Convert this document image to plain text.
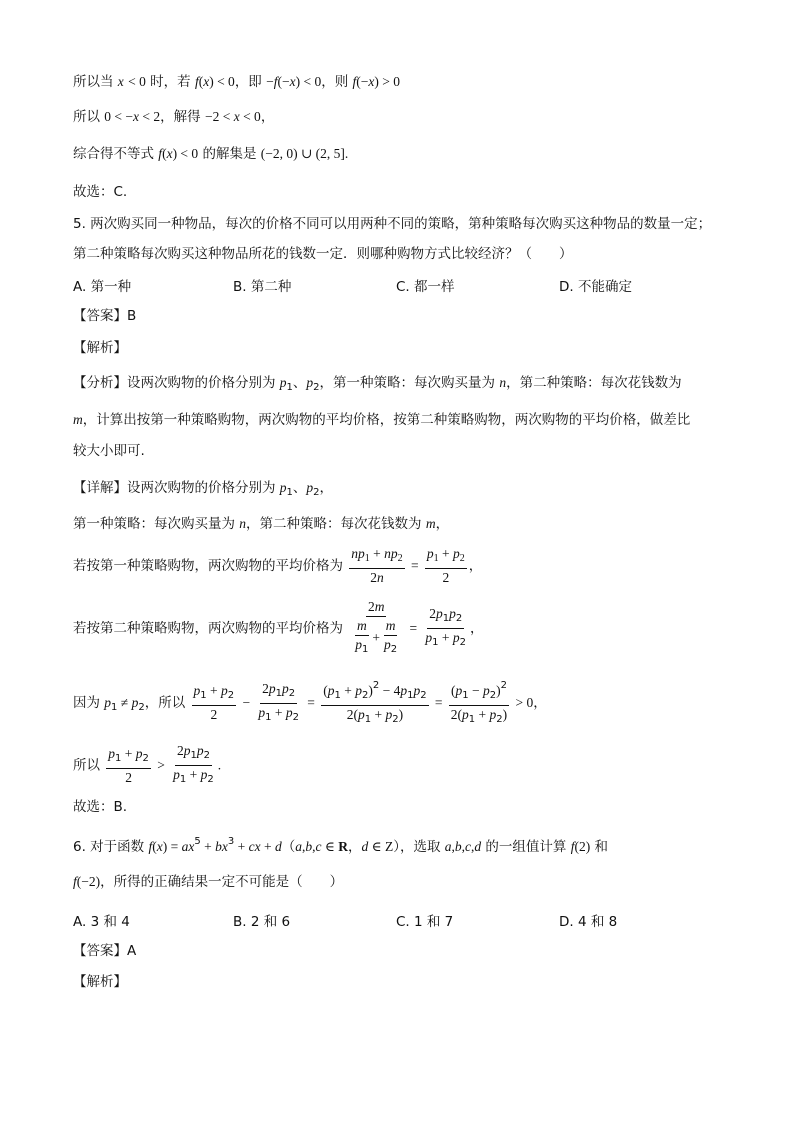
所以当 x < 0 时，若 f(x) < 0，即 −f(−x) < 0，则 f(−x) > 0
所以 0 < −x < 2，解得 −2 < x < 0，
综合得不等式 f(x) < 0 的解集是 (−2, 0) ∪ (2, 5].
故选：C.
5. 两次购买同一种物品，每次的价格不同可以用两种不同的策略，第种策略每次购买这种物品的数量一定；
第二种策略每次购买这种物品所花的钱数一定．则哪种购物方式比较经济？（　　）
A. 第一种	B. 第二种	C. 都一样	D. 不能确定
【答案】B
【解析】
【分析】设两次购物的价格分别为 $p_1$、$p_2$，第一种策略：每次购买量为 n，第二种策略：每次花钱数为
m，计算出按第一种策略购物，两次购物的平均价格，按第二种策略购物，两次购物的平均价格，做差比
较大小即可.
【详解】设两次购物的价格分别为 $p_1$、$p_2$，
第一种策略：每次购买量为 n，第二种策略：每次花钱数为 m，
若按第一种策略购物，两次购物的平均价格为 $\frac{np_1 + np_2}{2n} = \frac{p_1 + p_2}{2}$ ，
若按第二种策略购物，两次购物的平均价格为 $\frac{2m}{\frac{m}{p_1} + \frac{m}{p_2}} = \frac{2p_1p_2}{p_1 + p_2}$ ，
因为 $p_1 \ne p_2$，所以 $\frac{p_1 + p_2}{2} - \frac{2p_1p_2}{p_1 + p_2} = \frac{(p_1 + p_2)^2 - 4p_1p_2}{2(p_1 + p_2)} = \frac{(p_1 - p_2)^2}{2(p_1 + p_2)} > 0$，
所以 $\frac{p_1 + p_2}{2} > \frac{2p_1p_2}{p_1 + p_2}$ .
故选：B.
6. 对于函数 $f(x) = ax^5 + bx^3$ + cx + d（a,b,c ∈ R，d ∈ Z），选取 a,b,c,d 的一组值计算 f(2) 和
f(−2)，所得的正确结果一定不可能是（　　）
A. 3 和 4	B. 2 和 6	C. 1 和 7	D. 4 和 8
【答案】A
【解析】
